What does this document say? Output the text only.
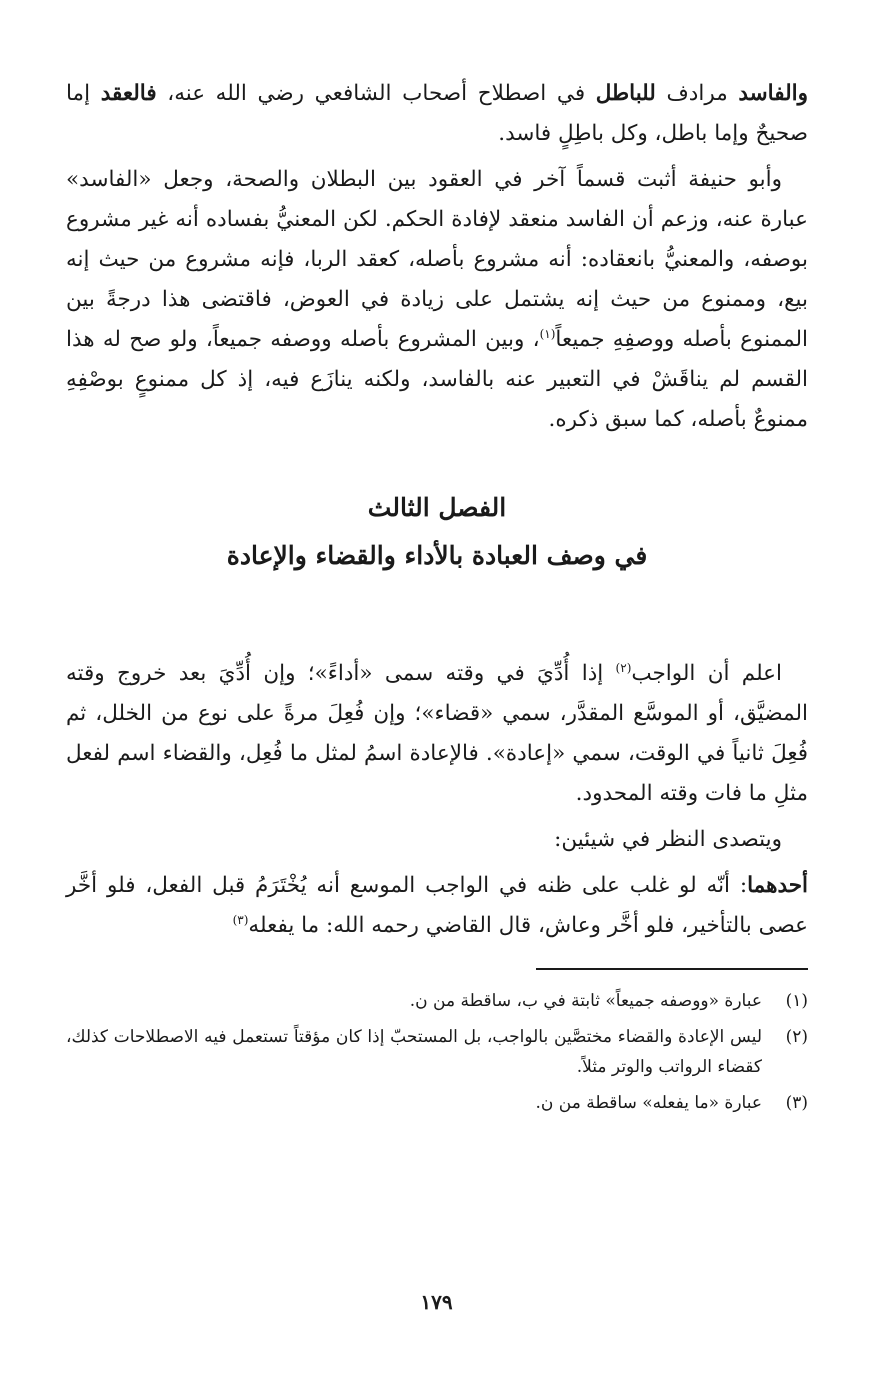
والفاسد مرادف للباطل في اصطلاح أصحاب الشافعي رضي الله عنه، فالعقد إما صحيحٌ وإما باطل، وكل باطِلٍ فاسد.

وأبو حنيفة أثبت قسماً آخر في العقود بين البطلان والصحة، وجعل «الفاسد» عبارة عنه، وزعم أن الفاسد منعقد لإفادة الحكم. لكن المعنيُّ بفساده أنه غير مشروع بوصفه، والمعنيُّ بانعقاده: أنه مشروع بأصله، كعقد الربا، فإنه مشروع من حيث إنه بيع، وممنوع من حيث إنه يشتمل على زيادة في العوض، فاقتضى هذا درجةً بين الممنوع بأصله ووصفِهِ جميعاً$^{(١)}$، وبين المشروع بأصله ووصفه جميعاً، ولو صح له هذا القسم لم يناقَشْ في التعبير عنه بالفاسد، ولكنه ينازَع فيه، إذ كل ممنوعٍ بوصْفِهِ ممنوعٌ بأصله، كما سبق ذكره.

الفصل الثالث
في وصف العبادة بالأداء والقضاء والإعادة

اعلم أن الواجب$^{(٢)}$ إذا أُدِّيَ في وقته سمى «أداءً»؛ وإن أُدِّيَ بعد خروج وقته المضيَّق، أو الموسَّع المقدَّر، سمي «قضاء»؛ وإن فُعِلَ مرةً على نوع من الخلل، ثم فُعِلَ ثانياً في الوقت، سمي «إعادة». فالإعادة اسمُ لمثل ما فُعِل، والقضاء اسم لفعل مثلِ ما فات وقته المحدود.

ويتصدى النظر في شيئين:

أحدهما: أنّه لو غلب على ظنه في الواجب الموسع أنه يُخْتَرَمُ قبل الفعل، فلو أخَّر عصى بالتأخير، فلو أخَّر وعاش، قال القاضي رحمه الله: ما يفعله$^{(٣)}$

(١)
عبارة «ووصفه جميعاً» ثابتة في ب، ساقطة من ن.
(٢)
ليس الإعادة والقضاء مختصَّين بالواجب، بل المستحبّ إذا كان مؤقتاً تستعمل فيه الاصطلاحات كذلك، كقضاء الرواتب والوتر مثلاً.
(٣)
عبارة «ما يفعله» ساقطة من ن.
١٧٩
